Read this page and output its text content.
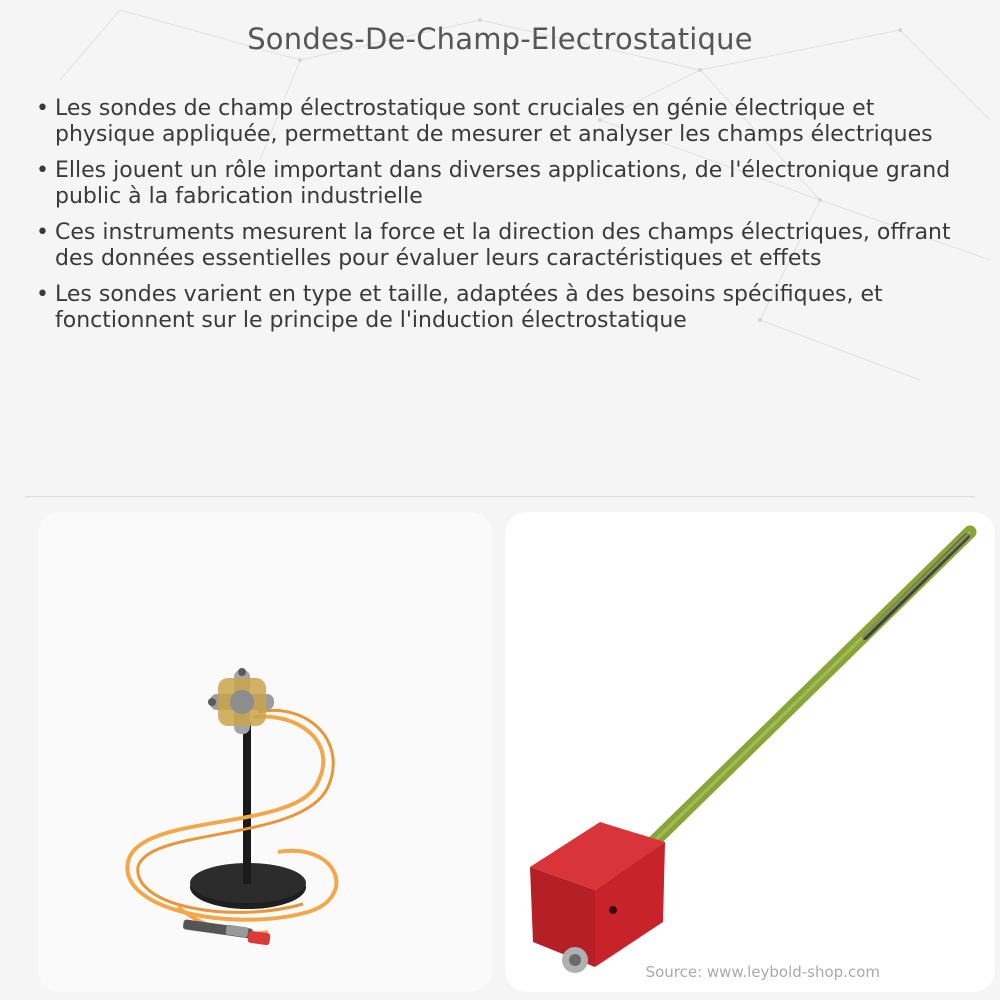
Sondes-De-Champ-Electrostatique
• Les sondes de champ électrostatique sont cruciales en génie électrique et physique appliquée, permettant de mesurer et analyser les champs électriques
• Elles jouent un rôle important dans diverses applications, de l'électronique grand public à la fabrication industrielle
• Ces instruments mesurent la force et la direction des champs électriques, offrant des données essentielles pour évaluer leurs caractéristiques et effets
• Les sondes varient en type et taille, adaptées à des besoins spécifiques, et fonctionnent sur le principe de l'induction électrostatique
Source: www.leybold-shop.com
